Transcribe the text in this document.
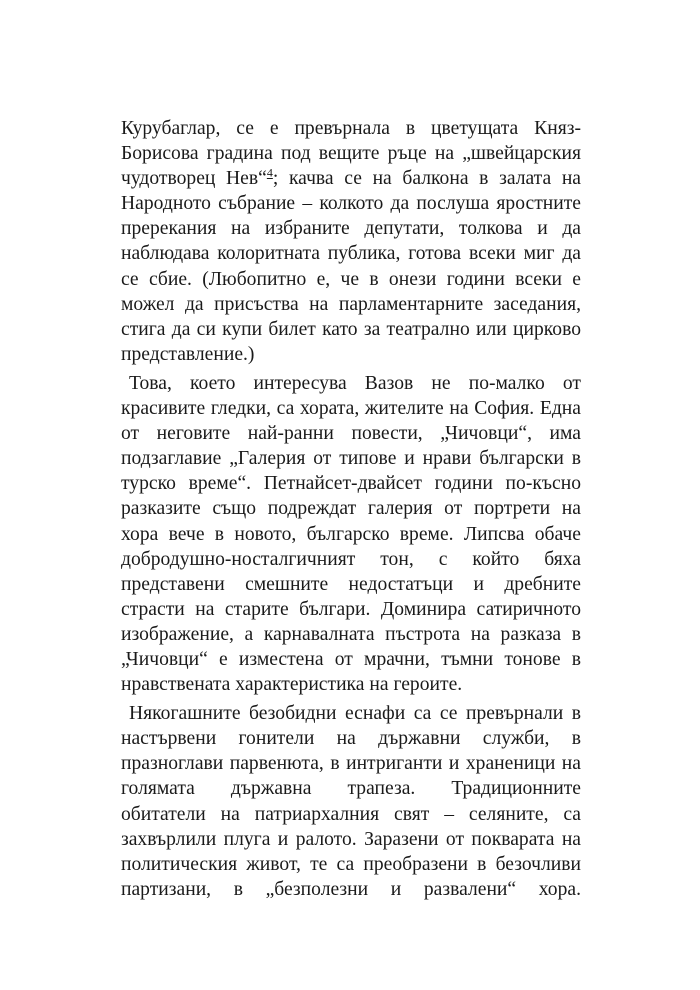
Курубаглар, се е превърнала в цветущата Княз-
Борисова градина под вещите ръце на „швейцарския
чудотворец Нев“$^4$; качва се на балкона в залата на
Народното събрание – колкото да послуша яростните
пререкания на избраните депутати, толкова и да
наблюдава колоритната публика, готова всеки миг да
се сбие. (Любопитно е, че в онези години всеки е
можел да присъства на парламентарните заседания,
стига да си купи билет като за театрално или цирково
представление.)
Това, което интересува Вазов не по-малко от
красивите гледки, са хората, жителите на София. Една
от неговите най-ранни повести, „Чичовци“, има
подзаглавие „Галерия от типове и нрави български в
турско време“. Петнайсет-двайсет години по-късно
разказите също подреждат галерия от портрети на
хора вече в новото, българско време. Липсва обаче
добродушно-носталгичният тон, с който бяха
представени смешните недостатъци и дребните
страсти на старите българи. Доминира сатиричното
изображение, а карнавалната пъстрота на разказа в
„Чичовци“ е изместена от мрачни, тъмни тонове в
нравствената характеристика на героите.
Някогашните безобидни еснафи са се превърнали в
настървени гонители на държавни служби, в
празноглави парвенюта, в интриганти и храненици на
голямата държавна трапеза. Традиционните
обитатели на патриархалния свят – селяните, са
захвърлили плуга и ралото. Заразени от покварата на
политическия живот, те са преобразени в безочливи
партизани, в „безполезни и развалени“ хора.
